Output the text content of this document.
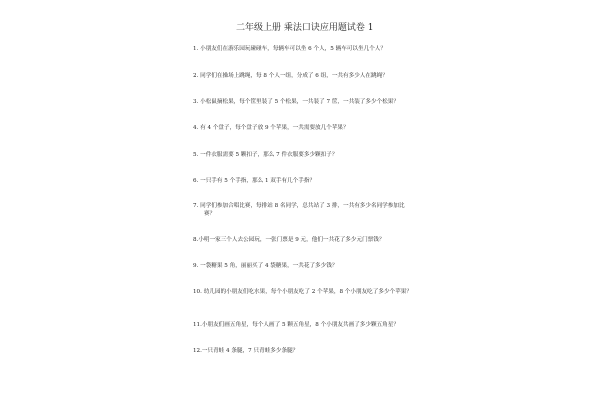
二年级上册 乘法口诀应用题试卷 1
1. 小朋友们在游乐园玩碰碰车，每辆车可以坐 6 个人，5 辆车可以坐几个人？
2. 同学们在操场上跳绳，每 8 个人一组，分成了 6 组，一共有多少人在跳绳？
3. 小松鼠摘松果，每个筐里装了 5 个松果，一共装了 7 筐，一共装了多少个松果？
4. 有 4 个盘子，每个盘子放 9 个苹果，一共需要放几个苹果？
5. 一件衣服需要 5 颗扣子，那么 7 件衣服要多少颗扣子？
6. 一只手有 5 个手指，那么 1 双手有几个手指？
7. 同学们参加合唱比赛，每排站 8 名同学，总共站了 3 排，一共有多少名同学参加比
赛？
8.小明一家三个人去公园玩，一张门票是 9 元，他们一共花了多少元门票钱？
9. 一袋糖果 5 角，丽丽买了 4 袋糖果，一共花了多少钱？
10. 幼儿园的小朋友们吃水果，每个小朋友吃了 2 个苹果，8 个小朋友吃了多少个苹果？
11.小朋友们画五角星，每个人画了 5 颗五角星，8 个小朋友共画了多少颗五角星？
12.一只青蛙 4 条腿，7 只青蛙多少条腿？
